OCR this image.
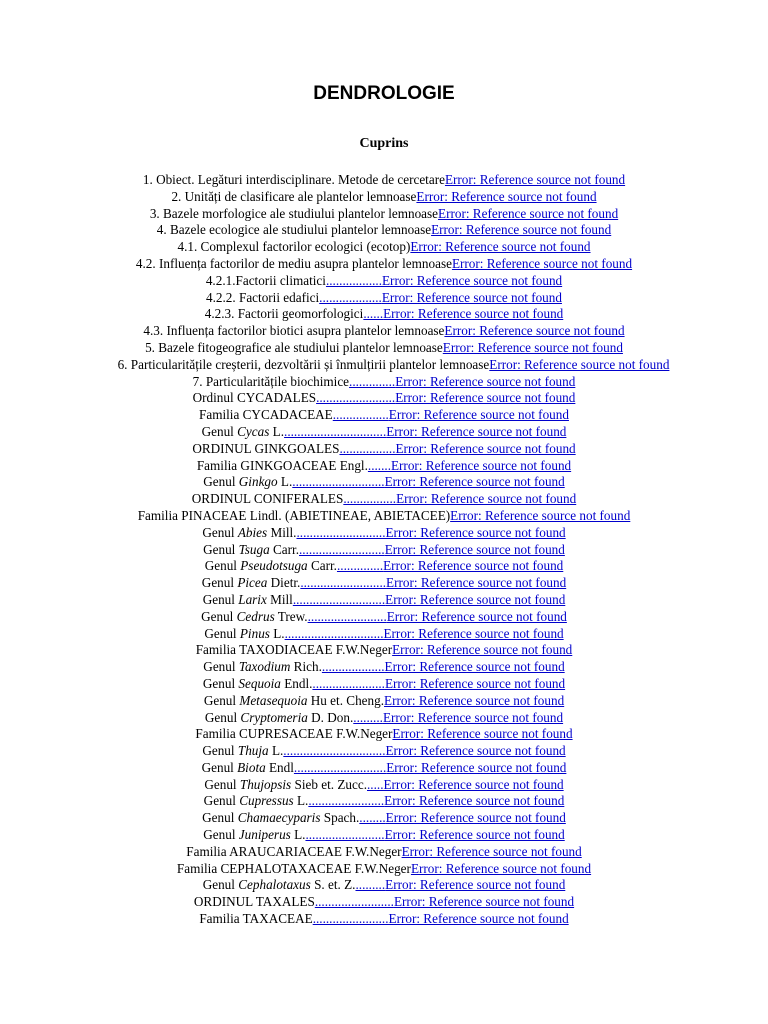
DENDROLOGIE
Cuprins
1. Obiect. Legături interdisciplinare. Metode de cercetareError: Reference source not found
2. Unități de clasificare ale plantelor lemnoaseError: Reference source not found
3. Bazele morfologice ale studiului plantelor lemnoaseError: Reference source not found
4. Bazele ecologice ale studiului plantelor lemnoaseError: Reference source not found
4.1. Complexul factorilor ecologici (ecotop)Error: Reference source not found
4.2. Influența factorilor de mediu asupra plantelor lemnoaseError: Reference source not found
4.2.1.Factorii climatici.................Error: Reference source not found
4.2.2. Factorii edafici...................Error: Reference source not found
4.2.3. Factorii geomorfologici......Error: Reference source not found
4.3. Influența factorilor biotici asupra plantelor lemnoaseError: Reference source not found
5. Bazele fitogeografice ale studiului plantelor lemnoaseError: Reference source not found
6. Particularitățile creșterii, dezvoltării și înmulțirii plantelor lemnoaseError: Reference source not found
7. Particularitățile biochimice..............Error: Reference source not found
Ordinul CYCADALES........................Error: Reference source not found
Familia CYCADACEAE.................Error: Reference source not found
Genul Cycas L................................Error: Reference source not found
ORDINUL GINKGOALES.................Error: Reference source not found
Familia GINKGOACEAE Engl........Error: Reference source not found
Genul Ginkgo L.............................Error: Reference source not found
ORDINUL CONIFERALES................Error: Reference source not found
Familia PINACEAE Lindl. (ABIETINEAE, ABIETACEE)Error: Reference source not found
Genul Abies Mill............................Error: Reference source not found
Genul Tsuga Carr...........................Error: Reference source not found
Genul Pseudotsuga Carr...............Error: Reference source not found
Genul Picea Dietr...........................Error: Reference source not found
Genul Larix Mill............................Error: Reference source not found
Genul Cedrus Trew.........................Error: Reference source not found
Genul Pinus L...............................Error: Reference source not found
Familia TAXODIACEAE F.W.NegerError: Reference source not found
Genul Taxodium Rich....................Error: Reference source not found
Genul Sequoia Endl.......................Error: Reference source not found
Genul Metasequoia Hu et. Cheng.Error: Reference source not found
Genul Cryptomeria D. Don..........Error: Reference source not found
Familia CUPRESACEAE F.W.NegerError: Reference source not found
Genul Thuja L................................Error: Reference source not found
Genul Biota Endl............................Error: Reference source not found
Genul Thujopsis Sieb et. Zucc......Error: Reference source not found
Genul Cupressus L........................Error: Reference source not found
Genul Chamaecyparis Spach.........Error: Reference source not found
Genul Juniperus L.........................Error: Reference source not found
Familia ARAUCARIACEAE F.W.NegerError: Reference source not found
Familia CEPHALOTAXACEAE F.W.NegerError: Reference source not found
Genul Cephalotaxus S. et. Z..........Error: Reference source not found
ORDINUL TAXALES........................Error: Reference source not found
Familia TAXACEAE.......................Error: Reference source not found
